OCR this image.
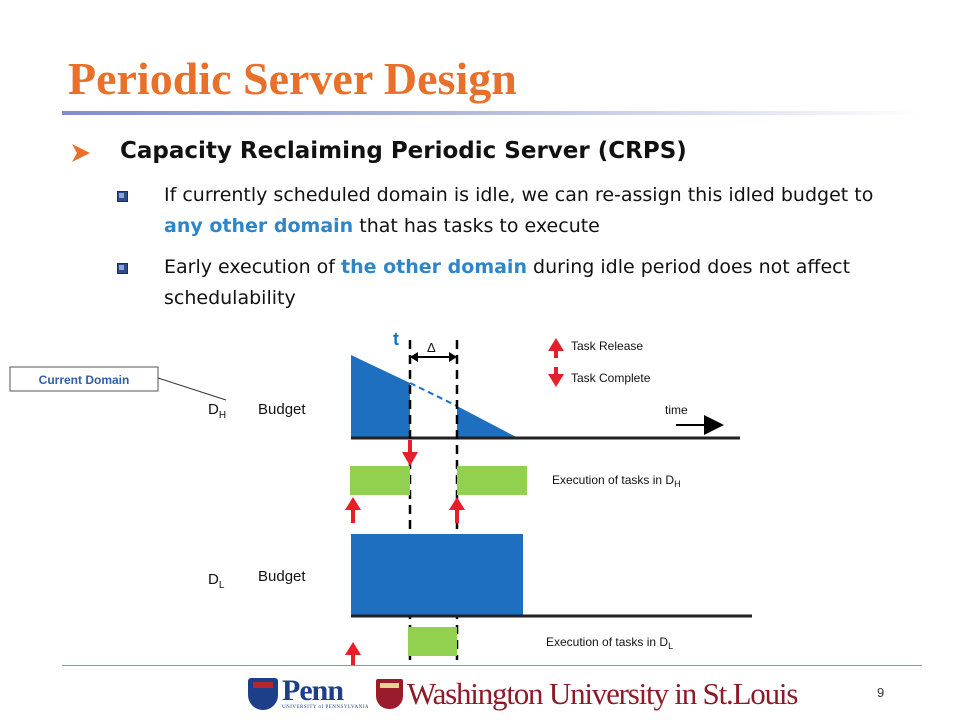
Periodic Server Design
Capacity Reclaiming Periodic Server (CRPS)
If currently scheduled domain is idle, we can re-assign this idled budget to any other domain that has tasks to execute
Early execution of the other domain during idle period does not affect schedulability
Current Domain
$D_H$ Budget	time
Task Release
Task Complete
t Δ
Execution of tasks in $D_H$
$D_L$
Budget
Execution of tasks in $D_L$
Penn
UNIVERSITY of PENNSYLVANIA Washington University in St.Louis	9
